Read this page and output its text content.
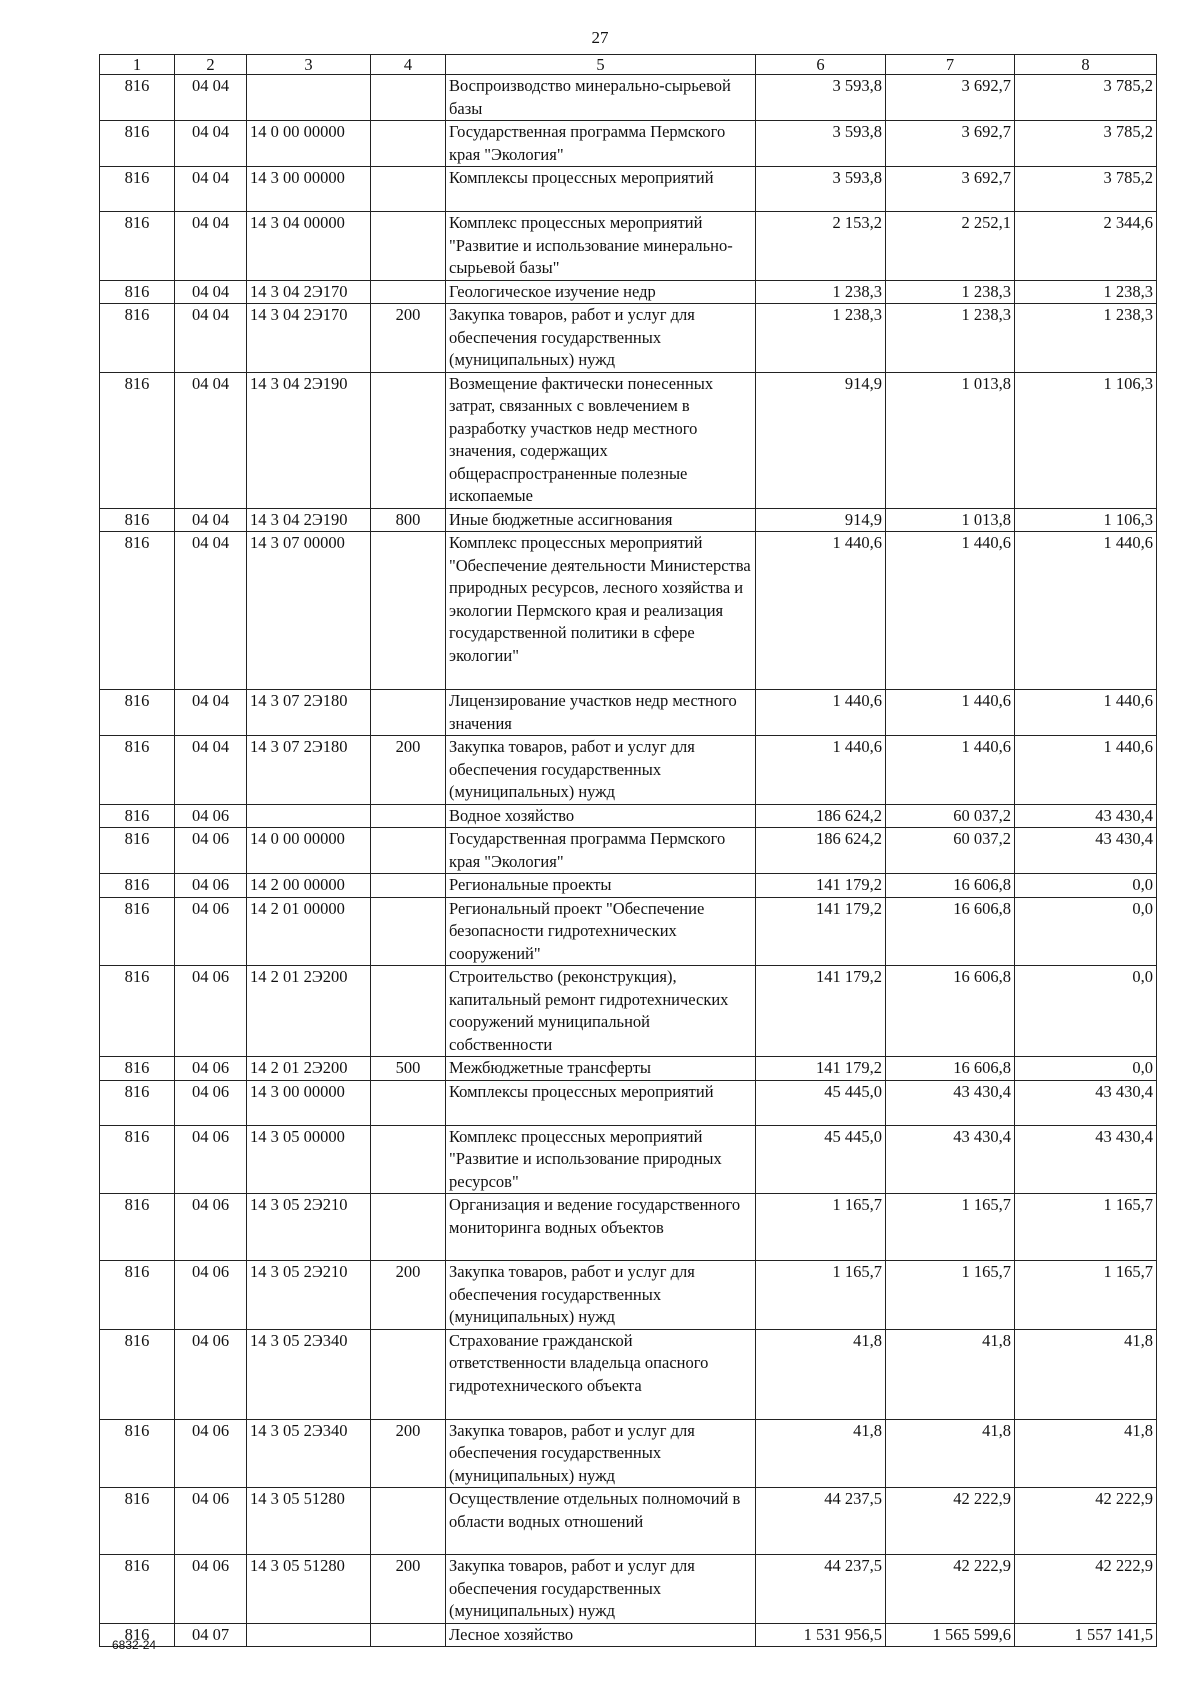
27
1	2	3	4	5	6	7	8
816	04 04			Воспроизводство минерально-сырьевой базы	3 593,8	3 692,7	3 785,2
816	04 04	14 0 00 00000		Государственная программа Пермского края "Экология"	3 593,8	3 692,7	3 785,2
816	04 04	14 3 00 00000		Комплексы процессных мероприятий	3 593,8	3 692,7	3 785,2
816	04 04	14 3 04 00000		Комплекс процессных мероприятий "Развитие и использование минерально-сырьевой базы"	2 153,2	2 252,1	2 344,6
816	04 04	14 3 04 2Э170		Геологическое изучение недр	1 238,3	1 238,3	1 238,3
816	04 04	14 3 04 2Э170	200	Закупка товаров, работ и услуг для обеспечения государственных (муниципальных) нужд	1 238,3	1 238,3	1 238,3
816	04 04	14 3 04 2Э190		Возмещение фактически понесенных затрат, связанных с вовлечением в разработку участков недр местного значения, содержащих общераспространенные полезные ископаемые	914,9	1 013,8	1 106,3
816	04 04	14 3 04 2Э190	800	Иные бюджетные ассигнования	914,9	1 013,8	1 106,3
816	04 04	14 3 07 00000		Комплекс процессных мероприятий "Обеспечение деятельности Министерства природных ресурсов, лесного хозяйства и экологии Пермского края и реализация государственной политики в сфере экологии"	1 440,6	1 440,6	1 440,6
816	04 04	14 3 07 2Э180		Лицензирование участков недр местного значения	1 440,6	1 440,6	1 440,6
816	04 04	14 3 07 2Э180	200	Закупка товаров, работ и услуг для обеспечения государственных (муниципальных) нужд	1 440,6	1 440,6	1 440,6
816	04 06			Водное хозяйство	186 624,2	60 037,2	43 430,4
816	04 06	14 0 00 00000		Государственная программа Пермского края "Экология"	186 624,2	60 037,2	43 430,4
816	04 06	14 2 00 00000		Региональные проекты	141 179,2	16 606,8	0,0
816	04 06	14 2 01 00000		Региональный проект "Обеспечение безопасности гидротехнических сооружений"	141 179,2	16 606,8	0,0
816	04 06	14 2 01 2Э200		Строительство (реконструкция), капитальный ремонт гидротехнических сооружений муниципальной собственности	141 179,2	16 606,8	0,0
816	04 06	14 2 01 2Э200	500	Межбюджетные трансферты	141 179,2	16 606,8	0,0
816	04 06	14 3 00 00000		Комплексы процессных мероприятий	45 445,0	43 430,4	43 430,4
816	04 06	14 3 05 00000		Комплекс процессных мероприятий "Развитие и использование природных ресурсов"	45 445,0	43 430,4	43 430,4
816	04 06	14 3 05 2Э210		Организация и ведение государственного мониторинга водных объектов	1 165,7	1 165,7	1 165,7
816	04 06	14 3 05 2Э210	200	Закупка товаров, работ и услуг для обеспечения государственных (муниципальных) нужд	1 165,7	1 165,7	1 165,7
816	04 06	14 3 05 2Э340		Страхование гражданской ответственности владельца опасного гидротехнического объекта	41,8	41,8	41,8
816	04 06	14 3 05 2Э340	200	Закупка товаров, работ и услуг для обеспечения государственных (муниципальных) нужд	41,8	41,8	41,8
816	04 06	14 3 05 51280		Осуществление отдельных полномочий в области водных отношений	44 237,5	42 222,9	42 222,9
816	04 06	14 3 05 51280	200	Закупка товаров, работ и услуг для обеспечения государственных (муниципальных) нужд	44 237,5	42 222,9	42 222,9
816	04 07			Лесное хозяйство	1 531 956,5	1 565 599,6	1 557 141,5
6832-24
